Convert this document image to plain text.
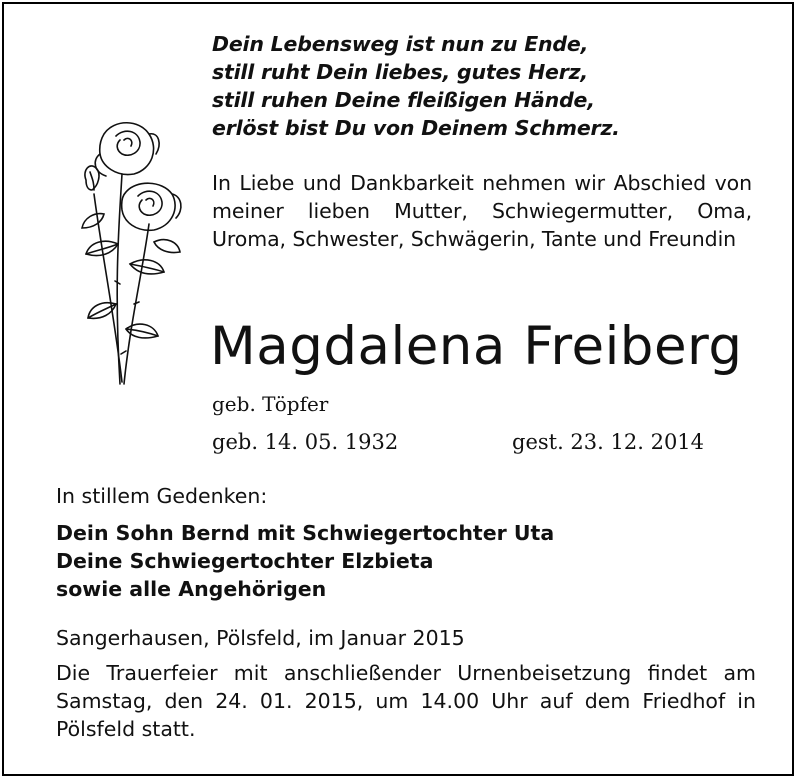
Dein Lebensweg ist nun zu Ende,
still ruht Dein liebes, gutes Herz,
still ruhen Deine fleißigen Hände,
erlöst bist Du von Deinem Schmerz.
In Liebe und Dankbarkeit nehmen wir Abschied von meiner lieben Mutter, Schwiegermutter, Oma, Uroma, Schwester, Schwägerin, Tante und Freundin
Magdalena Freiberg
geb. Töpfer
geb. 14. 05. 1932	gest. 23. 12. 2014
In stillem Gedenken:
Dein Sohn Bernd mit Schwiegertochter Uta
Deine Schwiegertochter Elzbieta
sowie alle Angehörigen
Sangerhausen, Pölsfeld, im Januar 2015
Die Trauerfeier mit anschließender Urnenbeisetzung findet am Samstag, den 24. 01. 2015, um 14.00 Uhr auf dem Friedhof in Pölsfeld statt.
